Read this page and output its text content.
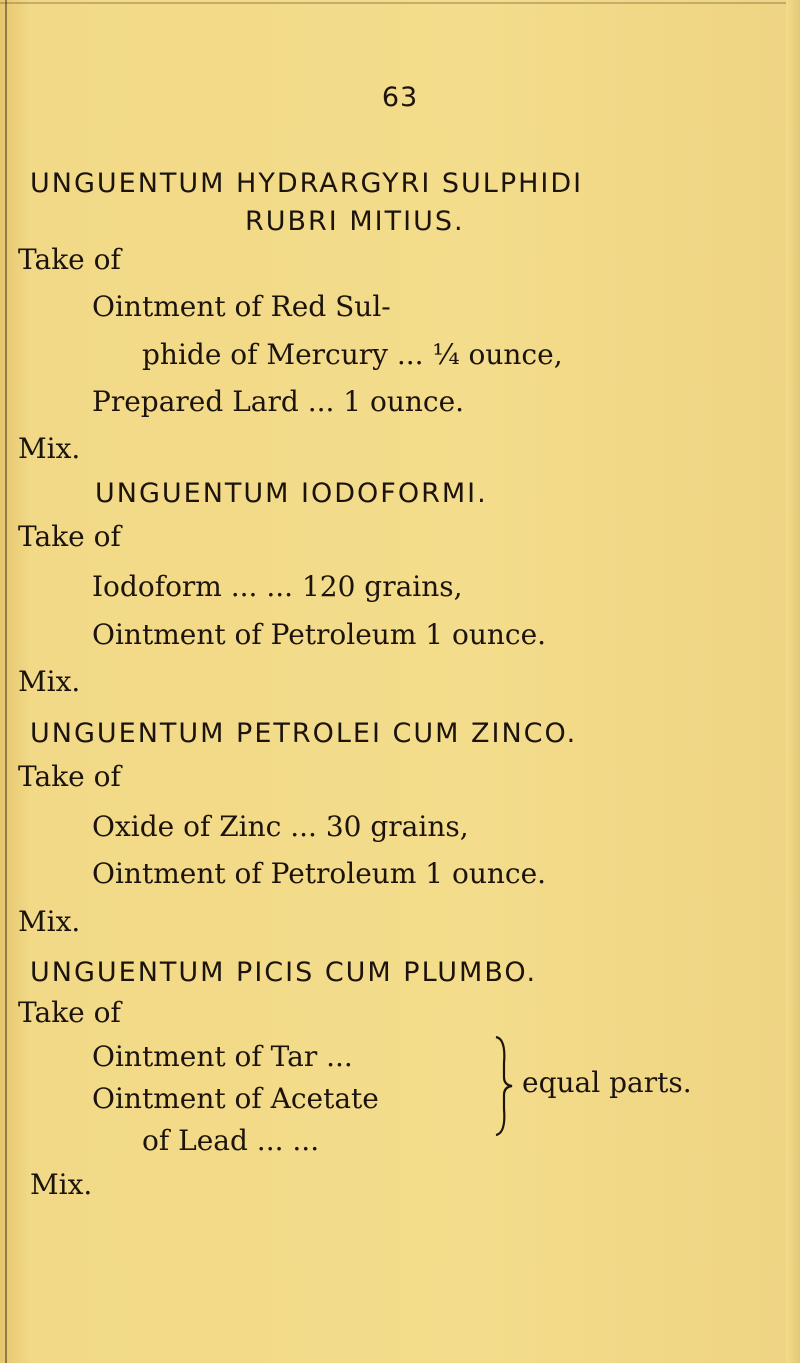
63
UNGUENTUM HYDRARGYRI SULPHIDI
RUBRI MITIUS.
Take of
Ointment of Red Sul-
phide of Mercury ... ¼ ounce,
Prepared Lard ... 1 ounce.
Mix.
UNGUENTUM IODOFORMI.
Take of
Iodoform ... ... 120 grains,
Ointment of Petroleum 1 ounce.
Mix.
UNGUENTUM PETROLEI CUM ZINCO.
Take of
Oxide of Zinc ... 30 grains,
Ointment of Petroleum 1 ounce.
Mix.
UNGUENTUM PICIS CUM PLUMBO.
Take of
Ointment of Tar ...
Ointment of Acetate
of Lead ... ...
equal parts.
Mix.
